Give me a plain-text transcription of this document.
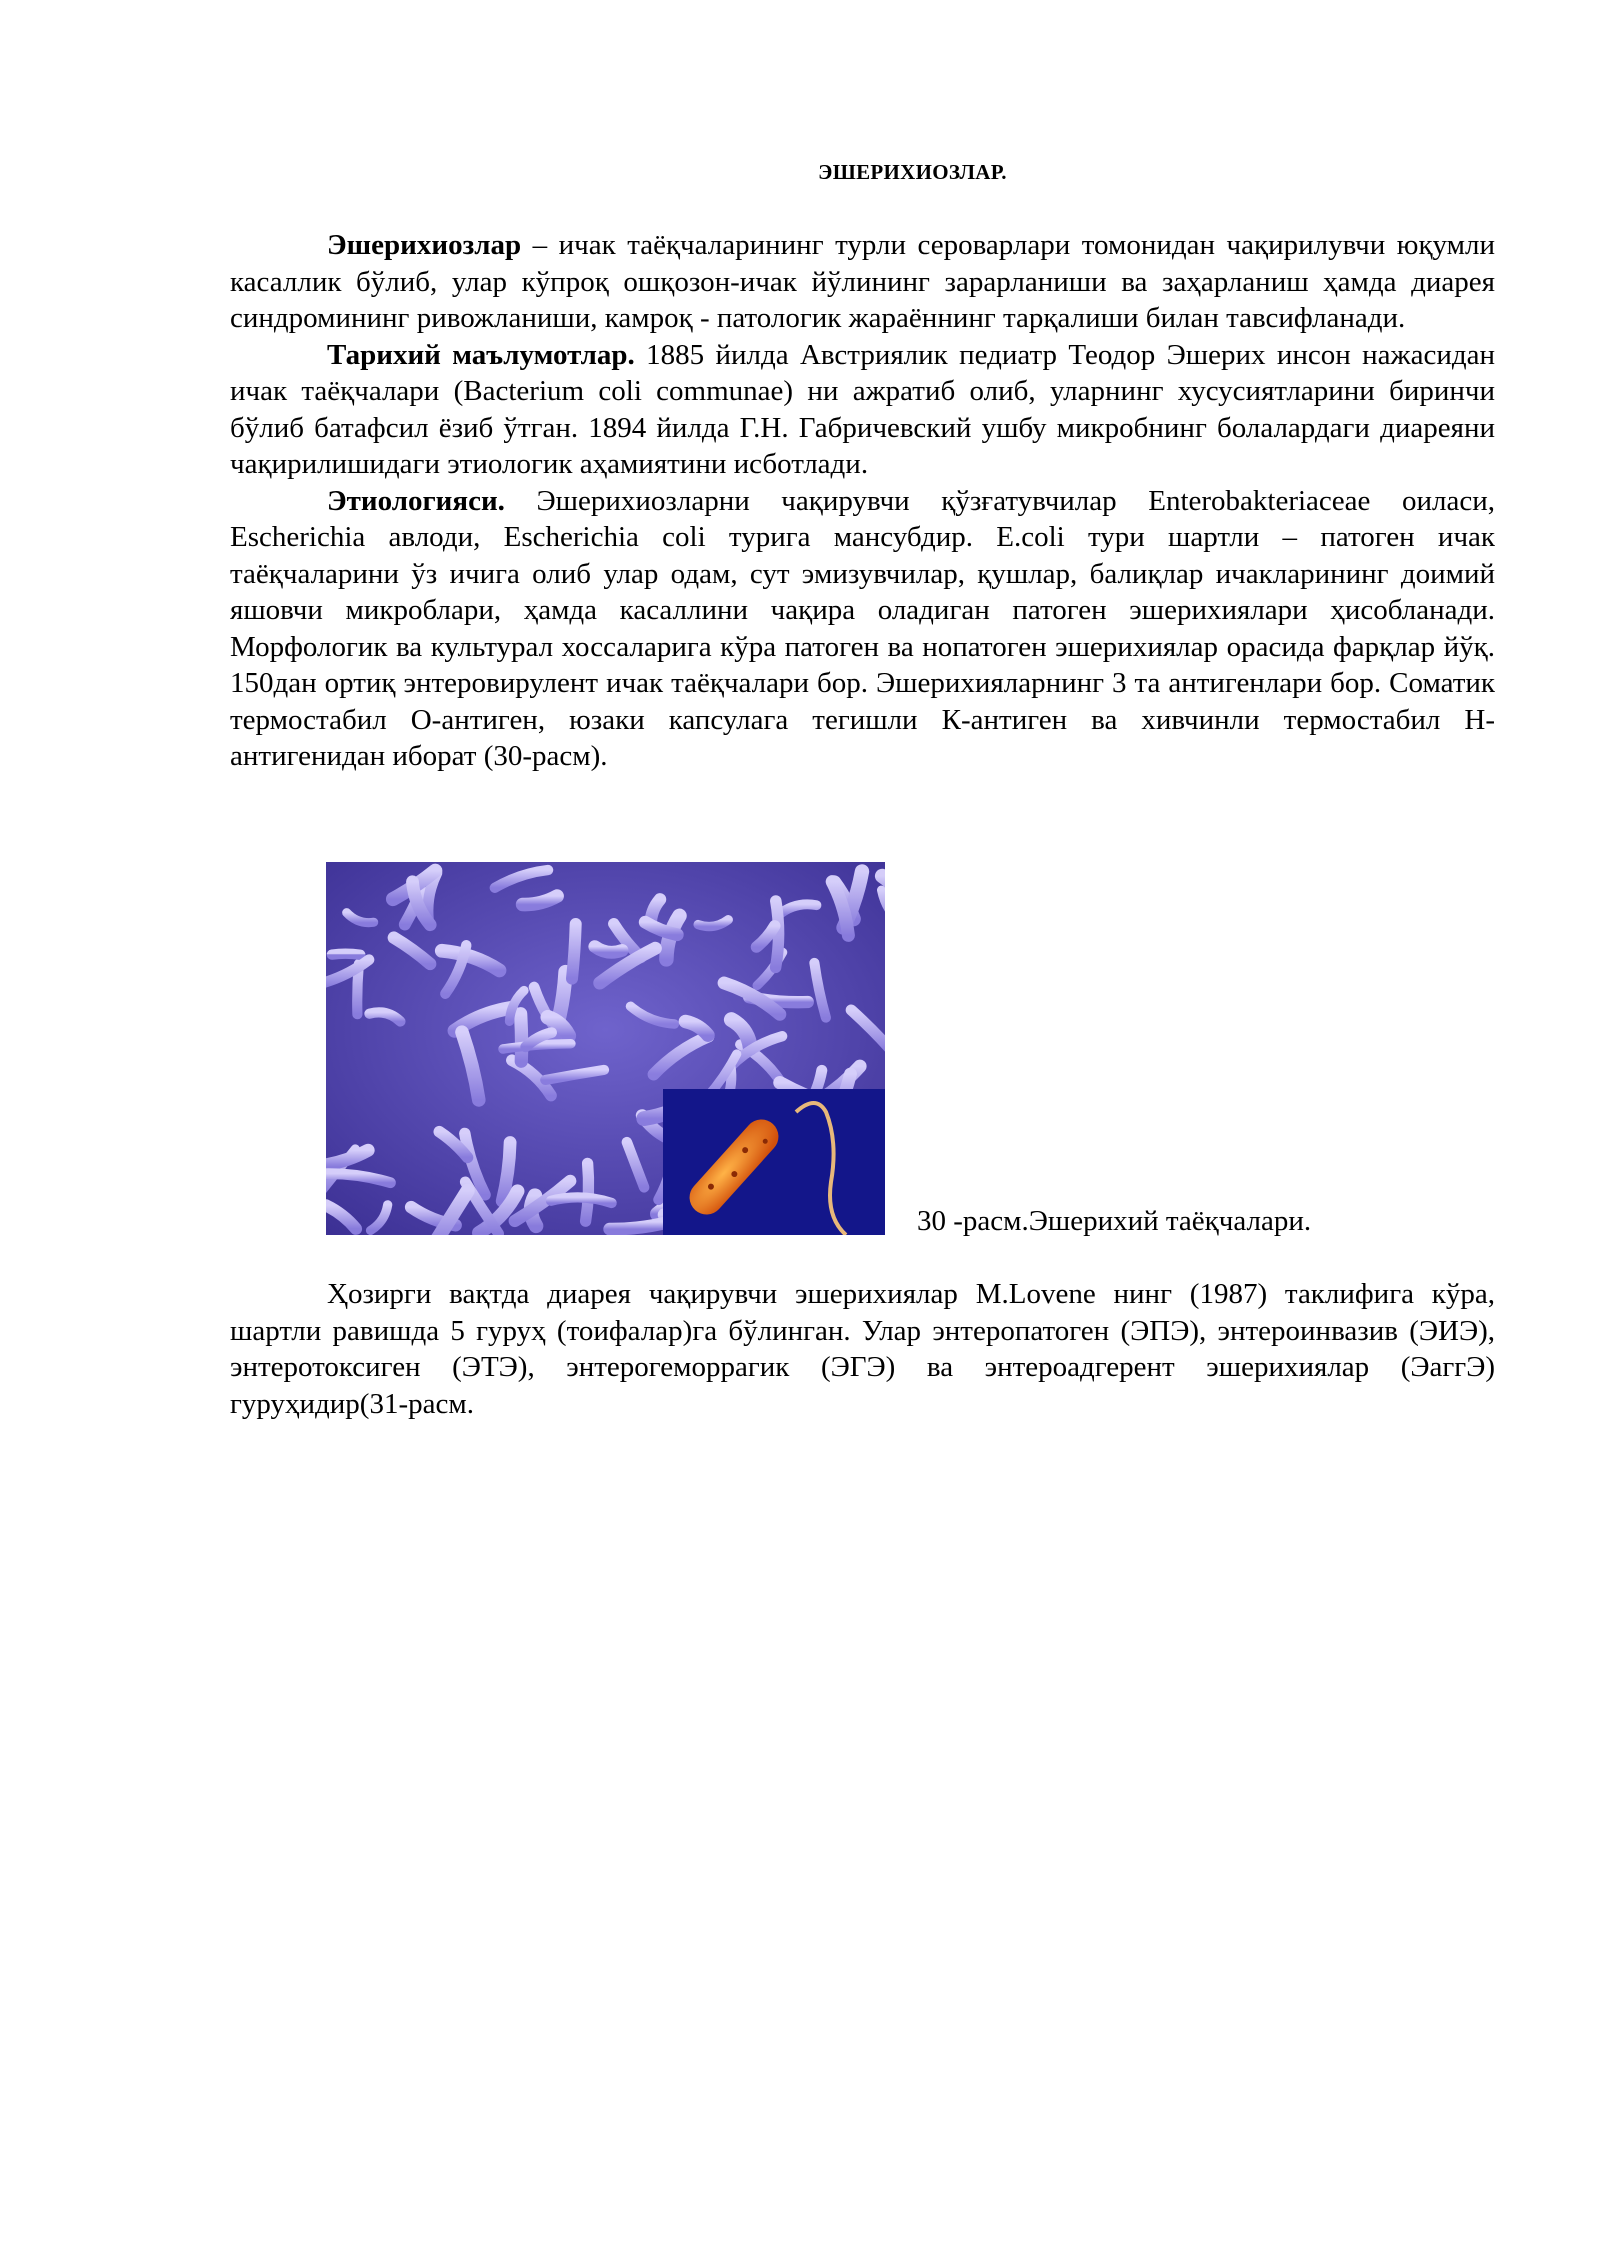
ЭШЕРИХИОЗЛАР.

Эшерихиозлар – ичак таёқчаларининг турли сероварлари томонидан чақирилувчи юқумли касаллик бўлиб, улар кўпроқ ошқозон-ичак йўлининг зарарланиши ва заҳарланиш ҳамда диарея синдромининг ривожланиши, камроқ - патологик жараённинг тарқалиши билан тавсифланади.

Тарихий маълумотлар. 1885 йилда Австриялик педиатр Теодор Эшерих инсон нажасидан ичак таёқчалари (Bacterium coli communae) ни ажратиб олиб, уларнинг хусусиятларини биринчи бўлиб батафсил ёзиб ўтган. 1894 йилда Г.Н. Габричевский ушбу микробнинг болалардаги диареяни чақирилишидаги этиологик аҳамиятини исботлади.

Этиологияси. Эшерихиозларни чақирувчи қўзғатувчилар Enterobakteriaceae оиласи, Escherichia авлоди, Escherichia coli турига мансубдир. E.coli тури шартли – патоген ичак таёқчаларини ўз ичига олиб улар одам, сут эмизувчилар, қушлар, балиқлар ичакларининг доимий яшовчи микроблари, ҳамда касаллини чақира оладиган патоген эшерихиялари ҳисобланади. Морфологик ва культурал хоссаларига кўра патоген ва нопатоген эшерихиялар орасида фарқлар йўқ. 150дан ортиқ энтеровирулент ичак таёқчалари бор. Эшерихияларнинг 3 та антигенлари бор. Соматик термостабил О-антиген, юзаки капсулага тегишли К-антиген ва хивчинли термостабил Н-антигенидан иборат (30-расм).

30 -расм.Эшерихий таёқчалари.

Ҳозирги вақтда диарея чақирувчи эшерихиялар M.Lovene нинг (1987) таклифига кўра, шартли равишда 5 гуруҳ (тоифалар)га бўлинган. Улар энтеропатоген (ЭПЭ), энтероинвазив (ЭИЭ), энтеротоксиген (ЭТЭ), энтерогеморрагик (ЭГЭ) ва энтероадгерент эшерихиялар (ЭаггЭ) гуруҳидир(31-расм.
